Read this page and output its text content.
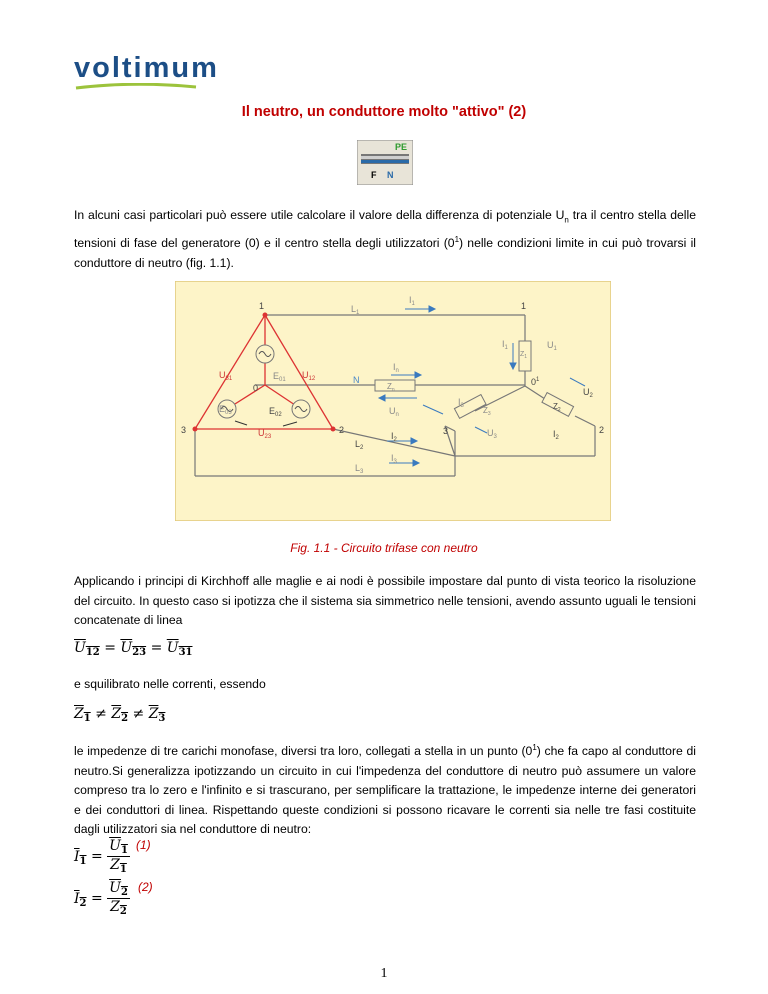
voltimum
Il neutro, un conduttore molto "attivo" (2)
PE
F N
In alcuni casi particolari può essere utile calcolare il valore della differenza di potenziale $U_n$ tra il centro stella delle tensioni di fase del generatore (0) e il centro stella degli utilizzatori $(0^1)$ nelle condizioni limite in cui può trovarsi il conduttore di neutro (fig. 1.1).
1	$L_1$
$I_1$	1
$I_1$
$Z_1$
$U_1$
$U_{31}$	$E_{01}$ $U_{12}$
$I_n$
N
$Z_n$
0
$0^1$
$E_{03}$	$E_{02}$	$U_n$
$I_3$ $Z_3$
$Z_2$
$U_2$
3	$U_{23}$
2
$L_2$
$I_2$
3	$U_3$	$I_2$
2
$L_3$
$I_3$
Fig. 1.1 - Circuito trifase con neutro
Applicando i principi di Kirchhoff alle maglie e ai nodi è possibile impostare dal punto di vista teorico la risoluzione del circuito. In questo caso si ipotizza che il sistema sia simmetrico nelle tensioni, avendo assunto uguali le tensioni concatenate di linea
$U_{12} = U_{23} = U_{31}$
e squilibrato nelle correnti, essendo
$Z_1 \ne Z_2 \ne Z_3$
le impedenze di tre carichi monofase, diversi tra loro, collegati a stella in un punto $(0^1)$ che fa capo al conduttore di neutro.Si generalizza ipotizzando un circuito in cui l'impedenza del conduttore di neutro può assumere un valore compreso tra lo zero e l'infinito e si trascurano, per semplificare la trattazione, le impedenze interne dei generatori e dei conduttori di linea. Rispettando queste condizioni si possono ricavare le correnti sia nelle tre fasi costituite dagli utilizzatori sia nel conduttore di neutro:
$I_1 = \frac{U_1}{Z_1} (1)$
$I_2 = \frac{U_2}{Z_2} (2)$
1
